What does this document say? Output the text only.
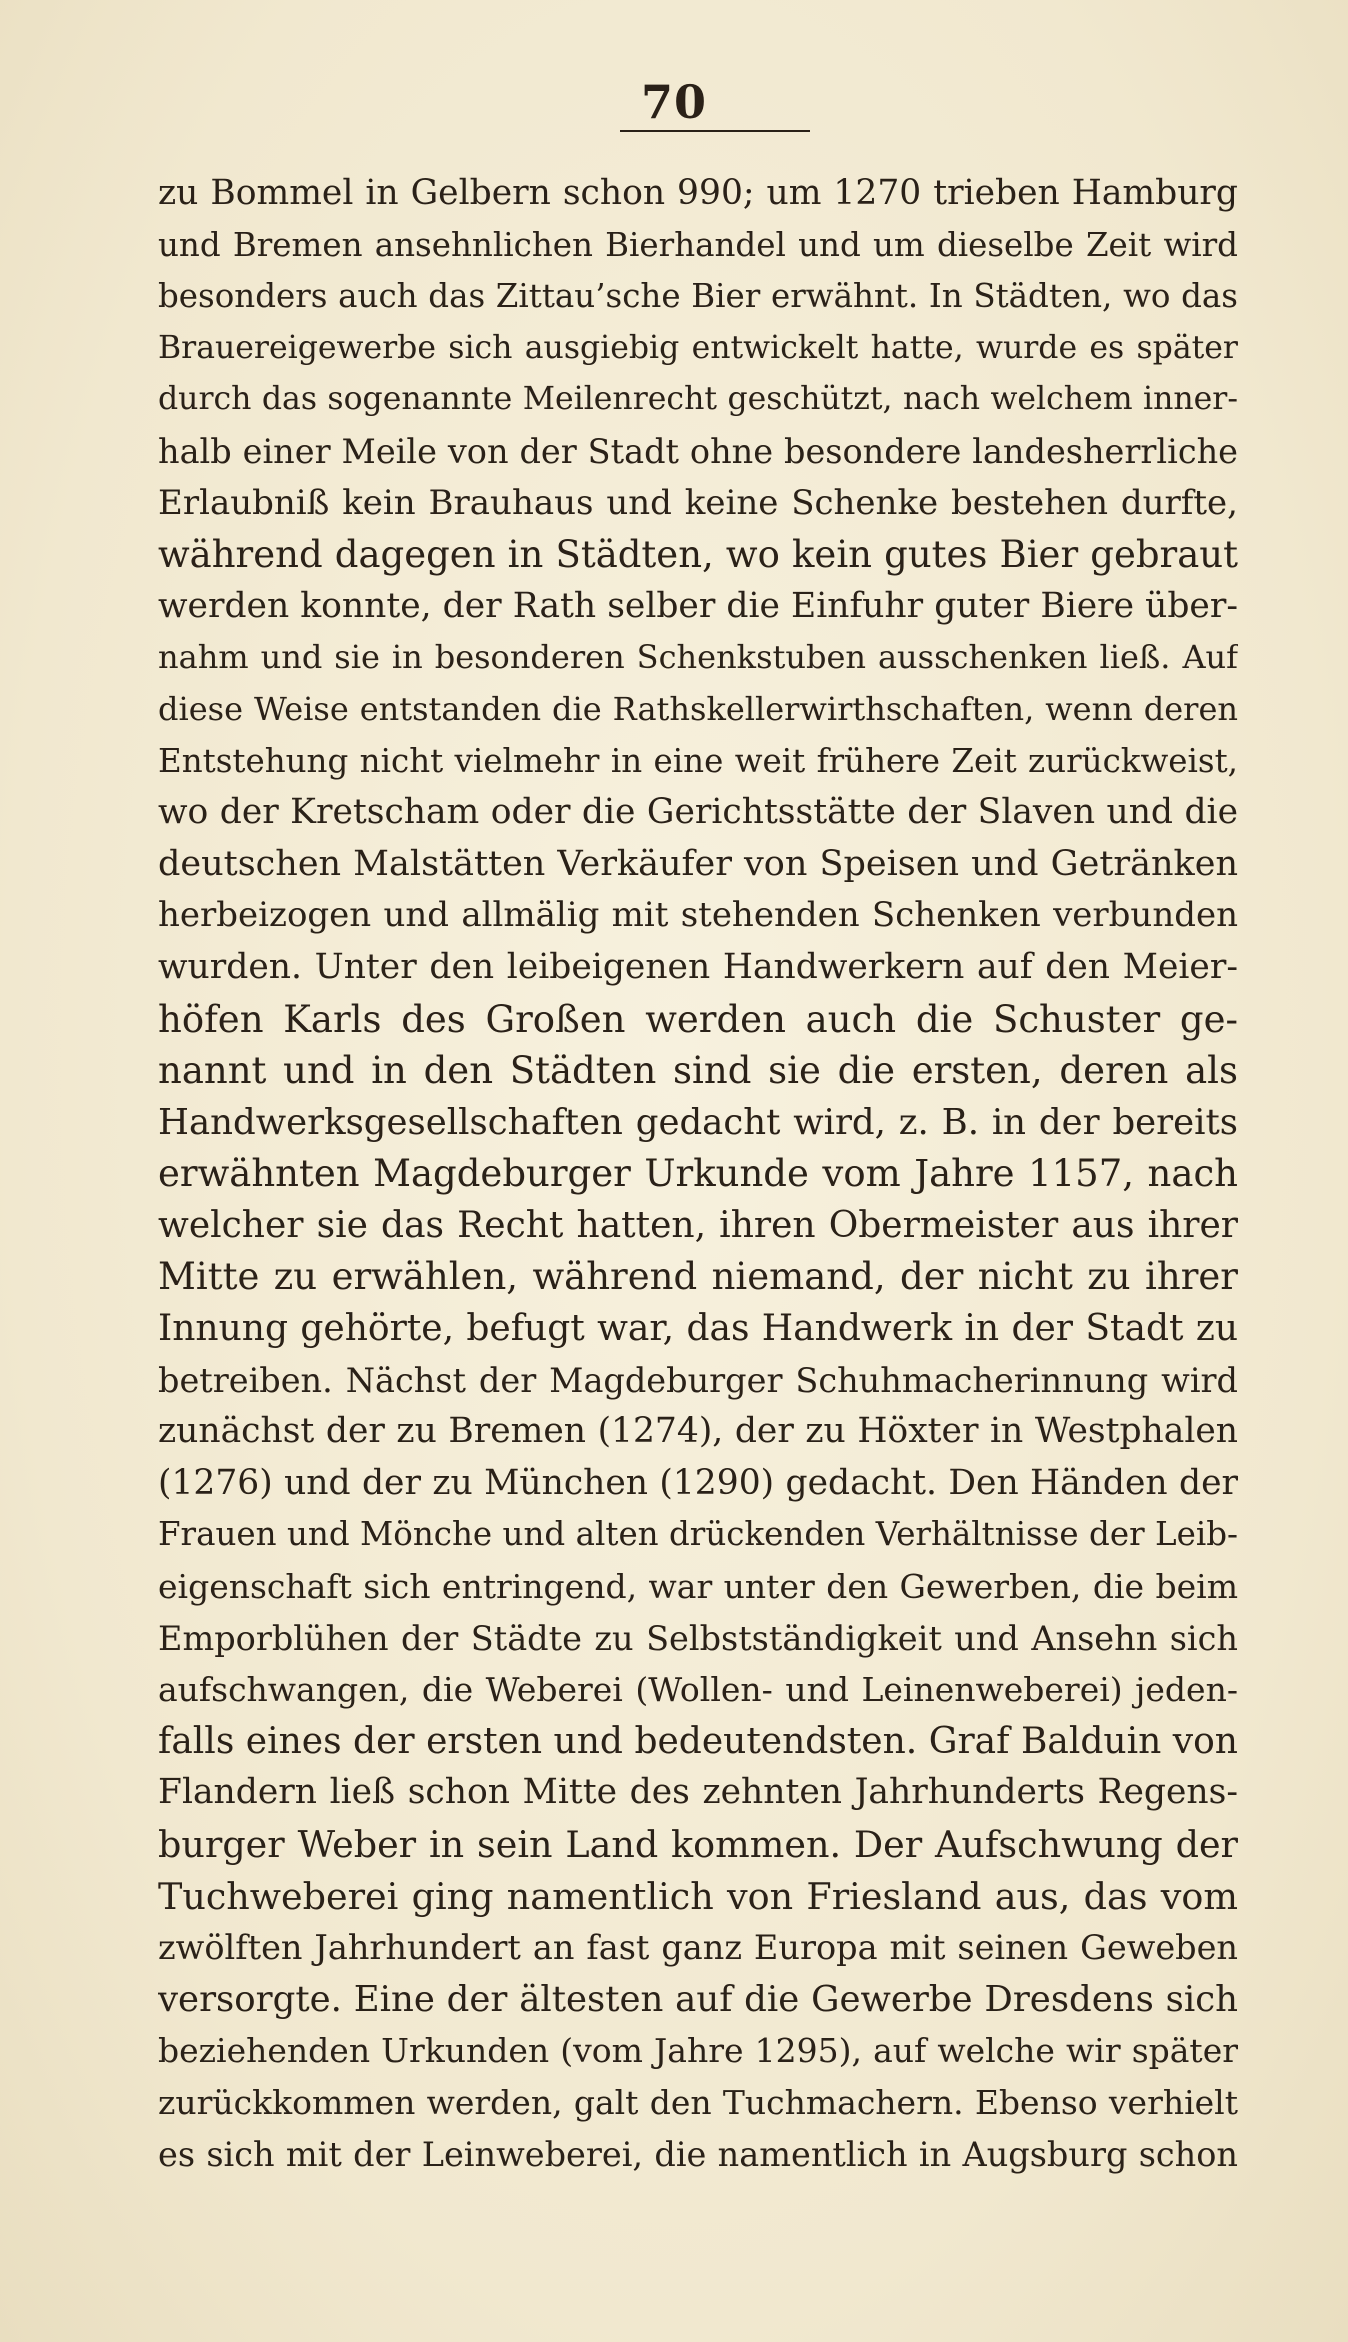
70
zu Bommel in Gelbern schon 990; um 1270 trieben Hamburg
und Bremen ansehnlichen Bierhandel und um dieselbe Zeit wird
besonders auch das Zittau’sche Bier erwähnt. In Städten, wo das
Brauereigewerbe sich ausgiebig entwickelt hatte, wurde es später
durch das sogenannte Meilenrecht geschützt, nach welchem inner-
halb einer Meile von der Stadt ohne besondere landesherrliche
Erlaubniß kein Brauhaus und keine Schenke bestehen durfte,
während dagegen in Städten, wo kein gutes Bier gebraut
werden konnte, der Rath selber die Einfuhr guter Biere über-
nahm und sie in besonderen Schenkstuben ausschenken ließ. Auf
diese Weise entstanden die Rathskellerwirthschaften, wenn deren
Entstehung nicht vielmehr in eine weit frühere Zeit zurückweist,
wo der Kretscham oder die Gerichtsstätte der Slaven und die
deutschen Malstätten Verkäufer von Speisen und Getränken
herbeizogen und allmälig mit stehenden Schenken verbunden
wurden. Unter den leibeigenen Handwerkern auf den Meier-
höfen Karls des Großen werden auch die Schuster ge-
nannt und in den Städten sind sie die ersten, deren als
Handwerksgesellschaften gedacht wird, z. B. in der bereits
erwähnten Magdeburger Urkunde vom Jahre 1157, nach
welcher sie das Recht hatten, ihren Obermeister aus ihrer
Mitte zu erwählen, während niemand, der nicht zu ihrer
Innung gehörte, befugt war, das Handwerk in der Stadt zu
betreiben. Nächst der Magdeburger Schuhmacherinnung wird
zunächst der zu Bremen (1274), der zu Höxter in Westphalen
(1276) und der zu München (1290) gedacht. Den Händen der
Frauen und Mönche und alten drückenden Verhältnisse der Leib-
eigenschaft sich entringend, war unter den Gewerben, die beim
Emporblühen der Städte zu Selbstständigkeit und Ansehn sich
aufschwangen, die Weberei (Wollen- und Leinenweberei) jeden-
falls eines der ersten und bedeutendsten. Graf Balduin von
Flandern ließ schon Mitte des zehnten Jahrhunderts Regens-
burger Weber in sein Land kommen. Der Aufschwung der
Tuchweberei ging namentlich von Friesland aus, das vom
zwölften Jahrhundert an fast ganz Europa mit seinen Geweben
versorgte. Eine der ältesten auf die Gewerbe Dresdens sich
beziehenden Urkunden (vom Jahre 1295), auf welche wir später
zurückkommen werden, galt den Tuchmachern. Ebenso verhielt
es sich mit der Leinweberei, die namentlich in Augsburg schon
